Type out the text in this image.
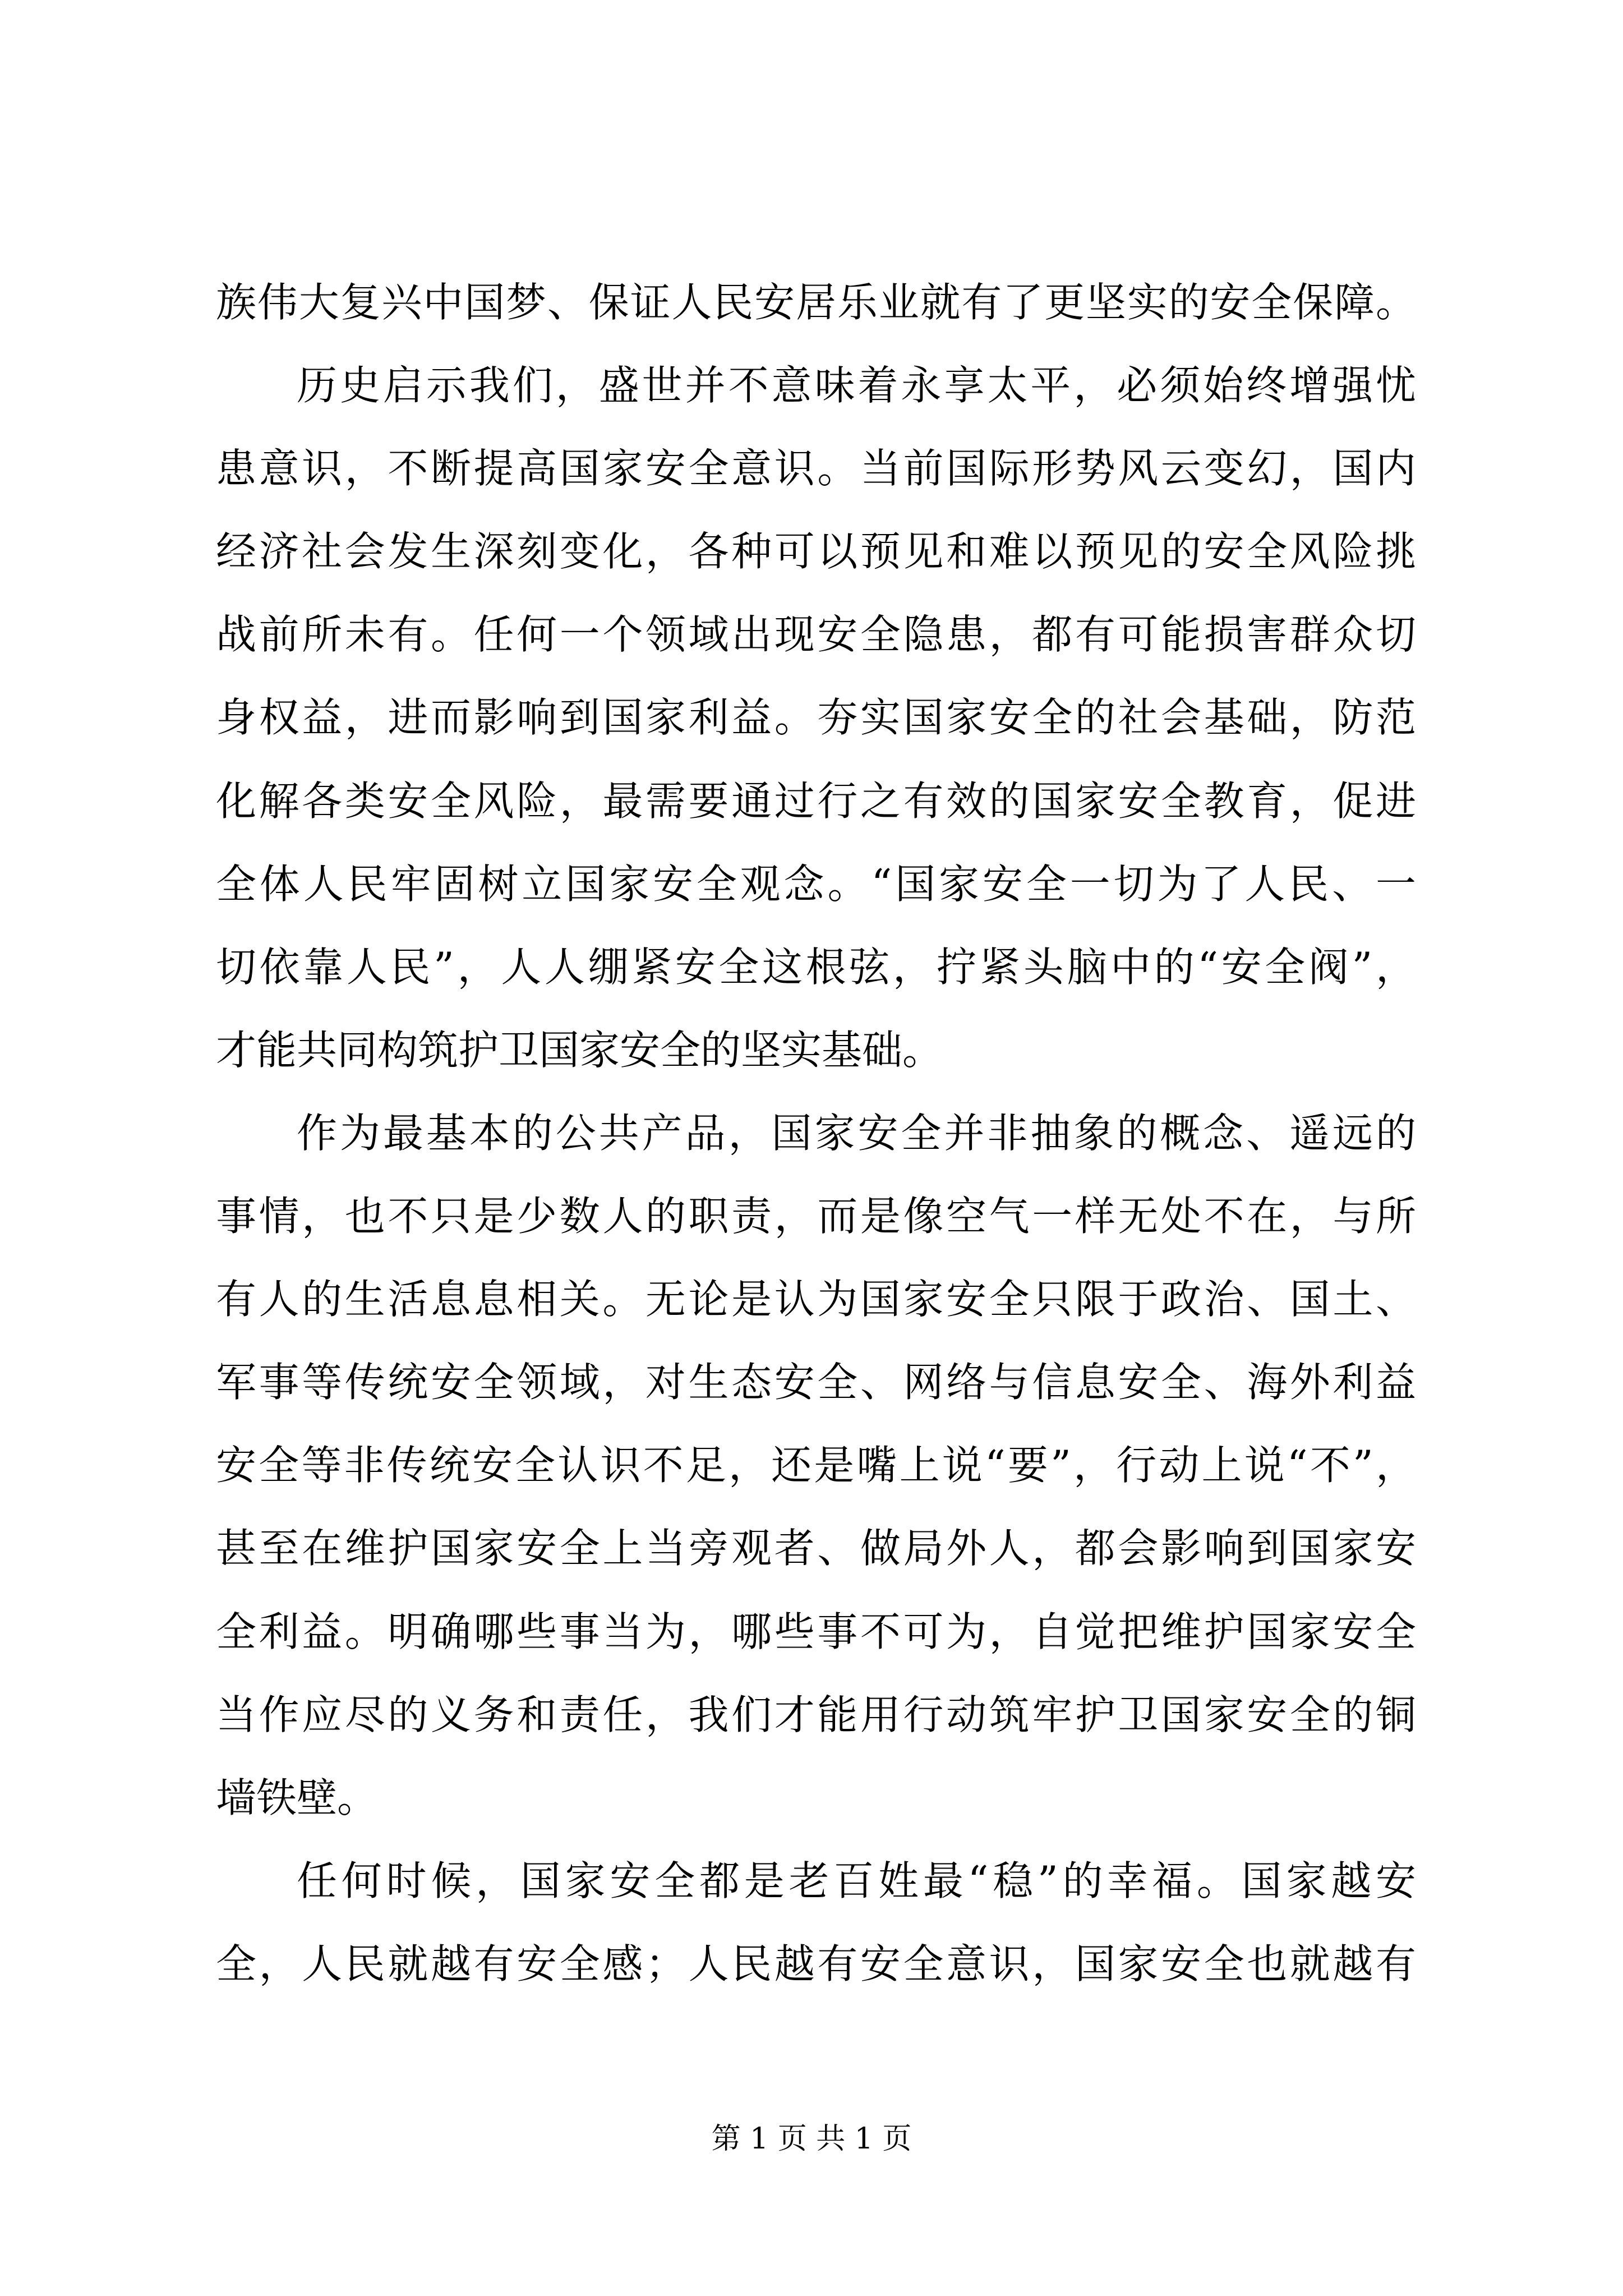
族伟大复兴中国梦、保证人民安居乐业就有了更坚实的安全保障。
历史启示我们，盛世并不意味着永享太平，必须始终增强忧
患意识，不断提高国家安全意识。当前国际形势风云变幻，国内
经济社会发生深刻变化，各种可以预见和难以预见的安全风险挑
战前所未有。任何一个领域出现安全隐患，都有可能损害群众切
身权益，进而影响到国家利益。夯实国家安全的社会基础，防范
化解各类安全风险，最需要通过行之有效的国家安全教育，促进
全体人民牢固树立国家安全观念。“国家安全一切为了人民、一
切依靠人民”，人人绷紧安全这根弦，拧紧头脑中的“安全阀”，
才能共同构筑护卫国家安全的坚实基础。
作为最基本的公共产品，国家安全并非抽象的概念、遥远的
事情，也不只是少数人的职责，而是像空气一样无处不在，与所
有人的生活息息相关。无论是认为国家安全只限于政治、国土、
军事等传统安全领域，对生态安全、网络与信息安全、海外利益
安全等非传统安全认识不足，还是嘴上说“要”，行动上说“不”，
甚至在维护国家安全上当旁观者、做局外人，都会影响到国家安
全利益。明确哪些事当为，哪些事不可为，自觉把维护国家安全
当作应尽的义务和责任，我们才能用行动筑牢护卫国家安全的铜
墙铁壁。
任何时候，国家安全都是老百姓最“稳”的幸福。国家越安
全，人民就越有安全感；人民越有安全意识，国家安全也就越有
第 1 页 共 1 页
